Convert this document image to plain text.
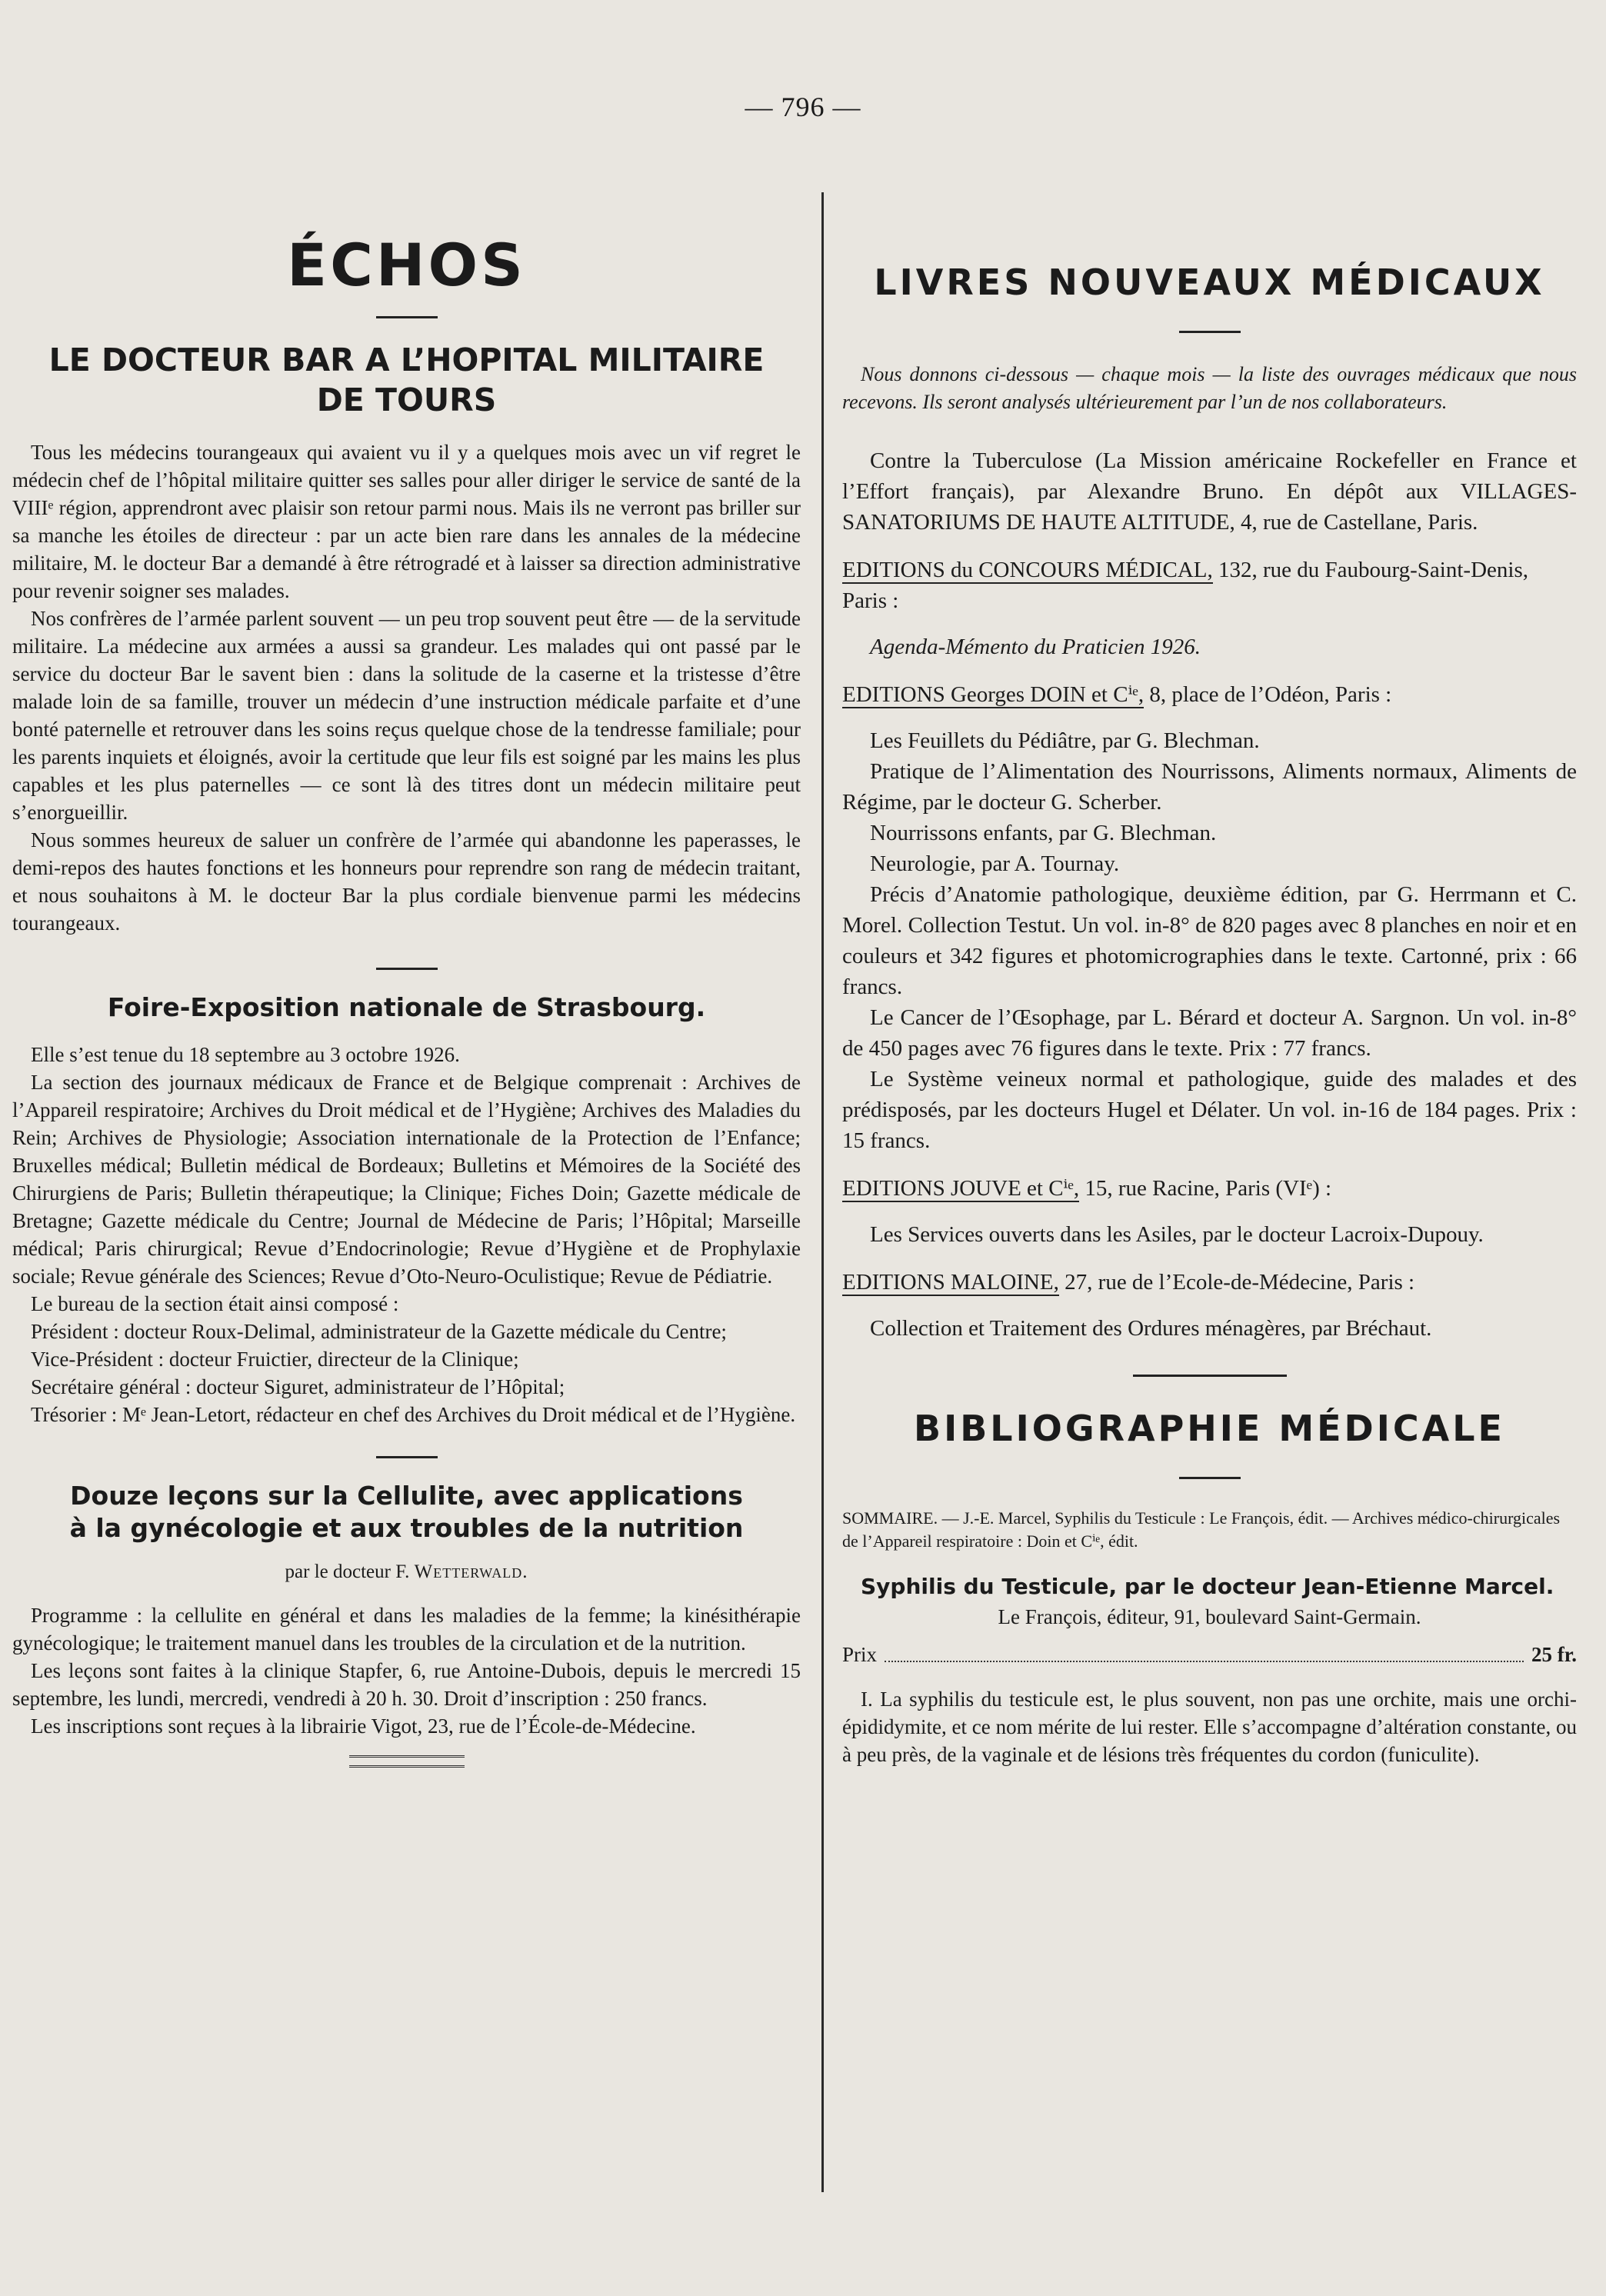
— 796 —
ÉCHOS
LE DOCTEUR BAR A L’HOPITAL MILITAIRE
DE TOURS

Tous les médecins tourangeaux qui avaient vu il y a quelques mois avec un vif regret le médecin chef de l’hôpital militaire quitter ses salles pour aller diriger le service de santé de la VIIIᵉ région, apprendront avec plaisir son retour parmi nous. Mais ils ne verront pas briller sur sa manche les étoiles de directeur : par un acte bien rare dans les annales de la médecine militaire, M. le docteur Bar a demandé à être rétrogradé et à laisser sa direction administrative pour revenir soigner ses malades.

Nos confrères de l’armée parlent souvent — un peu trop souvent peut être — de la servitude militaire. La médecine aux armées a aussi sa grandeur. Les malades qui ont passé par le service du docteur Bar le savent bien : dans la solitude de la caserne et la tristesse d’être malade loin de sa famille, trouver un médecin d’une instruction médicale parfaite et d’une bonté paternelle et retrouver dans les soins reçus quelque chose de la tendresse familiale; pour les parents inquiets et éloignés, avoir la certitude que leur fils est soigné par les mains les plus capables et les plus paternelles — ce sont là des titres dont un médecin militaire peut s’enorgueillir.

Nous sommes heureux de saluer un confrère de l’armée qui abandonne les paperasses, le demi-repos des hautes fonctions et les honneurs pour reprendre son rang de médecin traitant, et nous souhaitons à M. le docteur Bar la plus cordiale bienvenue parmi les médecins tourangeaux.

Foire-Exposition nationale de Strasbourg.

Elle s’est tenue du 18 septembre au 3 octobre 1926.

La section des journaux médicaux de France et de Belgique comprenait : Archives de l’Appareil respiratoire; Archives du Droit médical et de l’Hygiène; Archives des Maladies du Rein; Archives de Physiologie; Association internationale de la Protection de l’Enfance; Bruxelles médical; Bulletin médical de Bordeaux; Bulletins et Mémoires de la Société des Chirurgiens de Paris; Bulletin thérapeutique; la Clinique; Fiches Doin; Gazette médicale de Bretagne; Gazette médicale du Centre; Journal de Médecine de Paris; l’Hôpital; Marseille médical; Paris chirurgical; Revue d’Endocrinologie; Revue d’Hygiène et de Prophylaxie sociale; Revue générale des Sciences; Revue d’Oto-Neuro-Oculistique; Revue de Pédiatrie.

Le bureau de la section était ainsi composé :

Président : docteur Roux-Delimal, administrateur de la Gazette médicale du Centre;
Vice-Président : docteur Fruictier, directeur de la Clinique;
Secrétaire général : docteur Siguret, administrateur de l’Hôpital;
Trésorier : Mᵉ Jean-Letort, rédacteur en chef des Archives du Droit médical et de l’Hygiène.
Douze leçons sur la Cellulite, avec applications
à la gynécologie et aux troubles de la nutrition
par le docteur F. Wetterwald.

Programme : la cellulite en général et dans les maladies de la femme; la kinésithérapie gynécologique; le traitement manuel dans les troubles de la circulation et de la nutrition.

Les leçons sont faites à la clinique Stapfer, 6, rue Antoine-Dubois, depuis le mercredi 15 septembre, les lundi, mercredi, vendredi à 20 h. 30. Droit d’inscription : 250 francs.

Les inscriptions sont reçues à la librairie Vigot, 23, rue de l’École-de-Médecine.

LIVRES NOUVEAUX MÉDICAUX
Nous donnons ci-dessous — chaque mois — la liste des ouvrages médicaux que nous recevons. Ils seront analysés ultérieurement par l’un de nos collaborateurs.
Contre la Tuberculose (La Mission américaine Rockefeller en France et l’Effort français), par Alexandre Bruno. En dépôt aux VILLAGES-SANATORIUMS DE HAUTE ALTITUDE, 4, rue de Castellane, Paris.
EDITIONS du CONCOURS MÉDICAL, 132, rue du Faubourg-Saint-Denis, Paris :
Agenda-Mémento du Praticien 1926.
EDITIONS Georges DOIN et Cⁱᵉ, 8, place de l’Odéon, Paris :
Les Feuillets du Pédiâtre, par G. Blechman.
Pratique de l’Alimentation des Nourrissons, Aliments normaux, Aliments de Régime, par le docteur G. Scherber.
Nourrissons enfants, par G. Blechman.
Neurologie, par A. Tournay.
Précis d’Anatomie pathologique, deuxième édition, par G. Herrmann et C. Morel. Collection Testut. Un vol. in-8° de 820 pages avec 8 planches en noir et en couleurs et 342 figures et photomicrographies dans le texte. Cartonné, prix : 66 francs.
Le Cancer de l’Œsophage, par L. Bérard et docteur A. Sargnon. Un vol. in-8° de 450 pages avec 76 figures dans le texte. Prix : 77 francs.
Le Système veineux normal et pathologique, guide des malades et des prédisposés, par les docteurs Hugel et Délater. Un vol. in-16 de 184 pages. Prix : 15 francs.
EDITIONS JOUVE et Cⁱᵉ, 15, rue Racine, Paris (VIᵉ) :
Les Services ouverts dans les Asiles, par le docteur Lacroix-Dupouy.
EDITIONS MALOINE, 27, rue de l’Ecole-de-Médecine, Paris :
Collection et Traitement des Ordures ménagères, par Bréchaut.
BIBLIOGRAPHIE MÉDICALE
SOMMAIRE. — J.-E. Marcel, Syphilis du Testicule : Le François, édit. — Archives médico-chirurgicales de l’Appareil respiratoire : Doin et Cⁱᵉ, édit.
Syphilis du Testicule, par le docteur Jean-Etienne Marcel.
Le François, éditeur, 91, boulevard Saint-Germain.
Prix	25 fr.

I. La syphilis du testicule est, le plus souvent, non pas une orchite, mais une orchi-épididymite, et ce nom mérite de lui rester. Elle s’accompagne d’altération constante, ou à peu près, de la vaginale et de lésions très fréquentes du cordon (funiculite).
